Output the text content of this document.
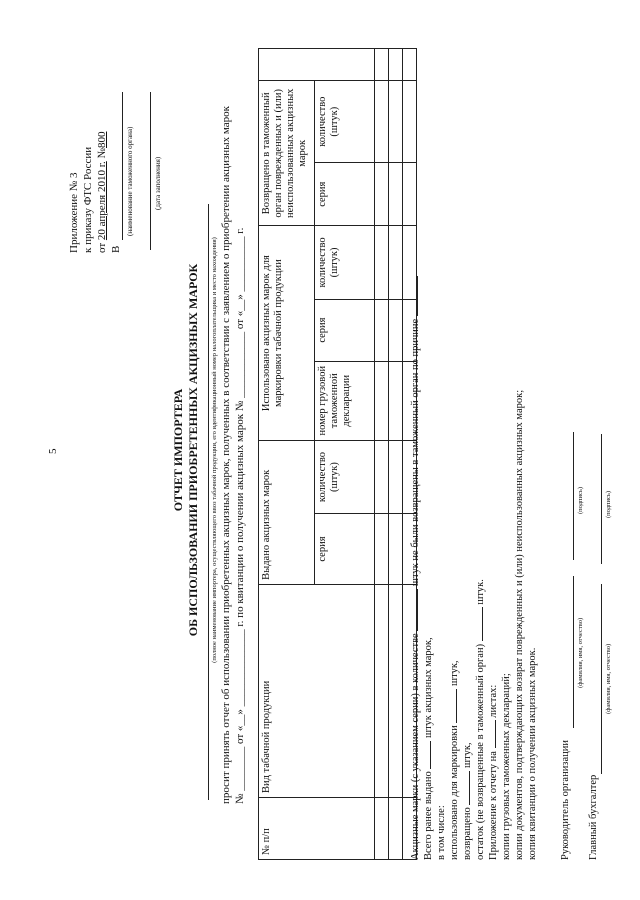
5
Приложение № 3 к приказу ФТС России от 20 апреля 2010 г. №800
В
(наименование таможенного органа)	(дата заполнения)
ОТЧЕТ ИМПОРТЕРА ОБ ИСПОЛЬЗОВАНИИ ПРИОБРЕТЕННЫХ АКЦИЗНЫХ МАРОК (полное наименование импортера, осуществляющего ввоз табачной продукции, его идентификационный номер налогоплательщика и место нахождения) просит принять отчет об использовании приобретенных акцизных марок, полученных в соответствии с заявлением о приобретении акцизных марок № ________ от «__» ______________ г. по квитанции о получении акцизных марок № ____________ от «__» __________ г.
№ п/п	Вид табачной продукции	Выдано акцизных марок		Использовано акцизных марок для маркировки табачной продукции			Возвращено в таможенный орган поврежденных и (или) неиспользованных акцизных марок		
		серия	количество (штук)	номер грузовой таможенной декларации	серия	количество (штук)	серия	количество (штук)	

Акцизные марки (с указанием серии) в количестве  штук не были возвращены в таможенный орган по причине
Всего ранее выдано  штук акцизных марок,
в том числе: использовано для маркировки  штук,
возвращено  штук, остаток (не возвращенные в таможенный орган)  штук.
Приложение к отчету на  листах: копии грузовых таможенных деклараций; копии документов, подтверждающих возврат поврежденных и (или) неиспользованных акцизных марок; копия квитанции о получении акцизных марок. Руководитель организации
(фамилия, имя, отчество)
(подпись)
Главный бухгалтер
(фамилия, имя, отчество)
(подпись)
